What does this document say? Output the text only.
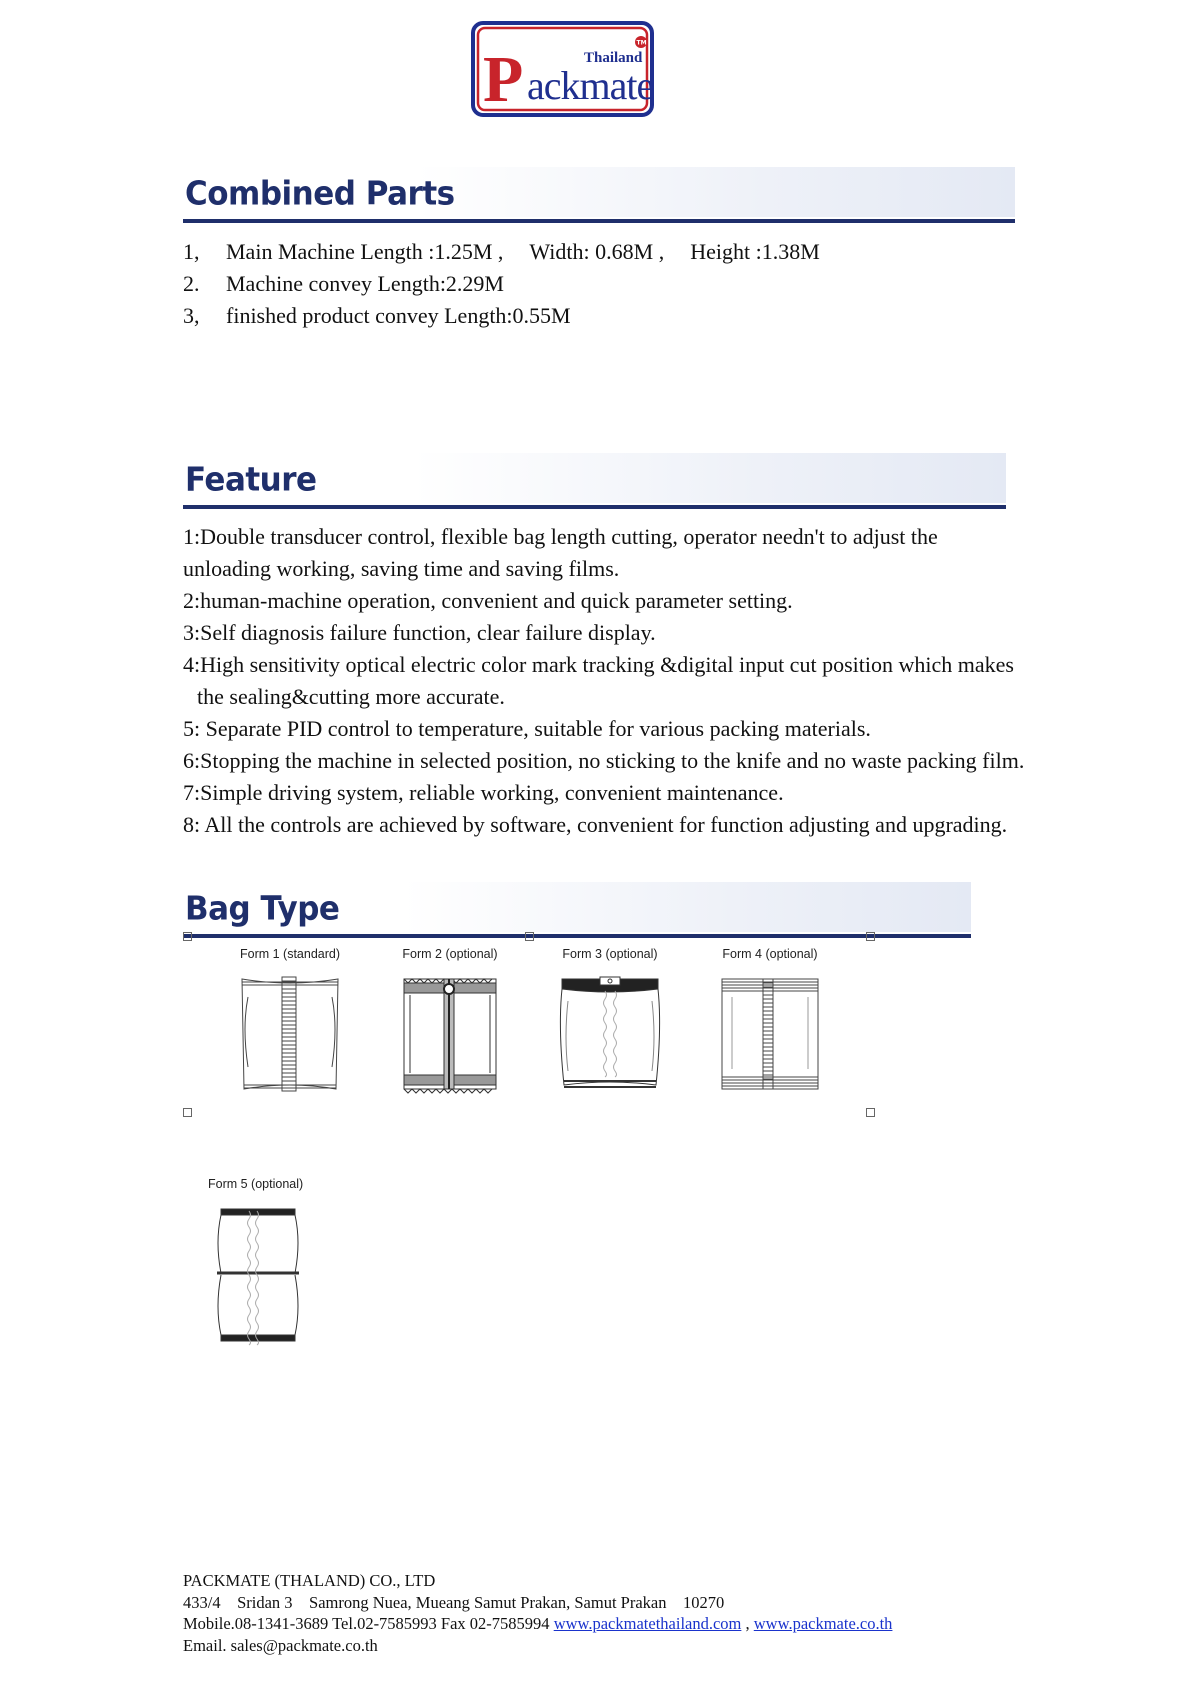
P ackmate
Thailand
TM
Combined Parts
1,	Main Machine Length :1.25M , Width: 0.68M , Height :1.38M
2.	Machine convey Length:2.29M
3,	finished product convey Length:0.55M
Feature
1:Double transducer control, flexible bag length cutting, operator needn't to adjust the
unloading working, saving time and saving films.
2:human-machine operation, convenient and quick parameter setting.
3:Self diagnosis failure function, clear failure display.
4:High sensitivity optical electric color mark tracking &digital input cut position which makes
the sealing&cutting more accurate.
5: Separate PID control to temperature, suitable for various packing materials.
6:Stopping the machine in selected position, no sticking to the knife and no waste packing film.
7:Simple driving system, reliable working, convenient maintenance.
8: All the controls are achieved by software, convenient for function adjusting and upgrading.
Bag Type
Form 1 (standard)	Form 2 (optional)	Form 3 (optional)	Form 4 (optional)
Form 5 (optional)
PACKMATE (THALAND) CO., LTD
433/4    Sridan 3    Samrong Nuea, Mueang Samut Prakan, Samut Prakan    10270
Mobile.08-1341-3689 Tel.02-7585993 Fax 02-7585994 www.packmatethailand.com , www.packmate.co.th
Email. sales@packmate.co.th
